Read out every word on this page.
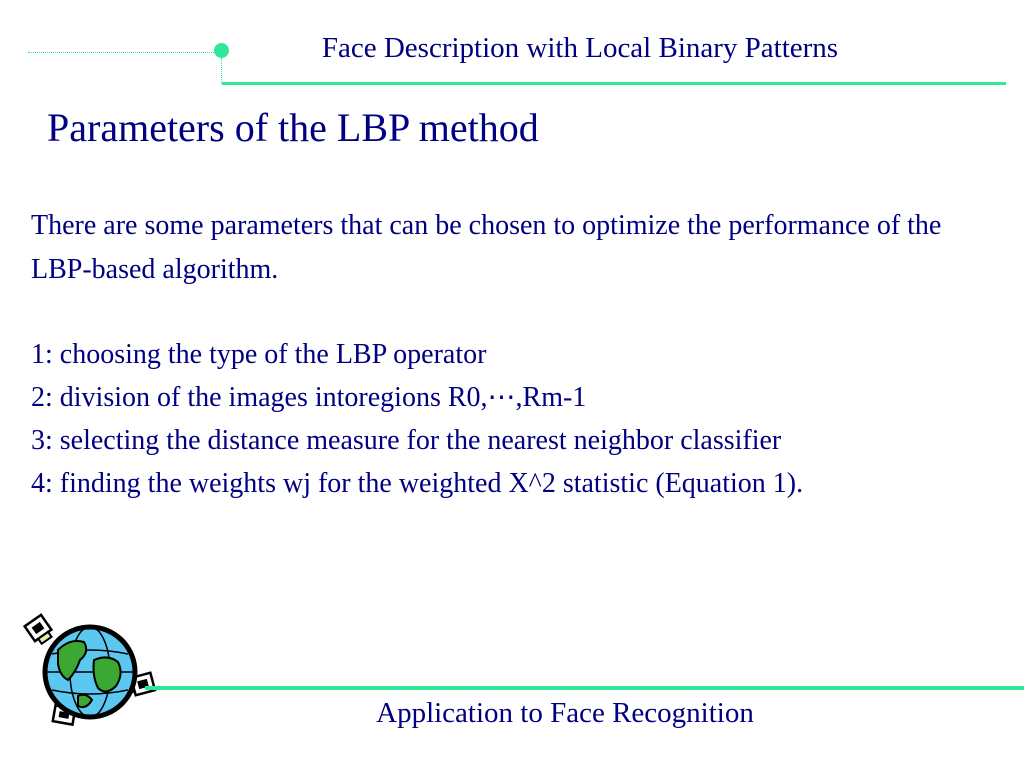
Face Description with Local Binary Patterns
Parameters of the LBP method
There are some parameters that can be chosen to optimize the performance of the LBP-based algorithm.
1: choosing the type of the LBP operator
2: division of the images intoregions R0,⋯,Rm-1
3: selecting the distance measure for the nearest neighbor classifier
4: finding the weights wj for the weighted X^2 statistic (Equation 1).
Application to Face Recognition
